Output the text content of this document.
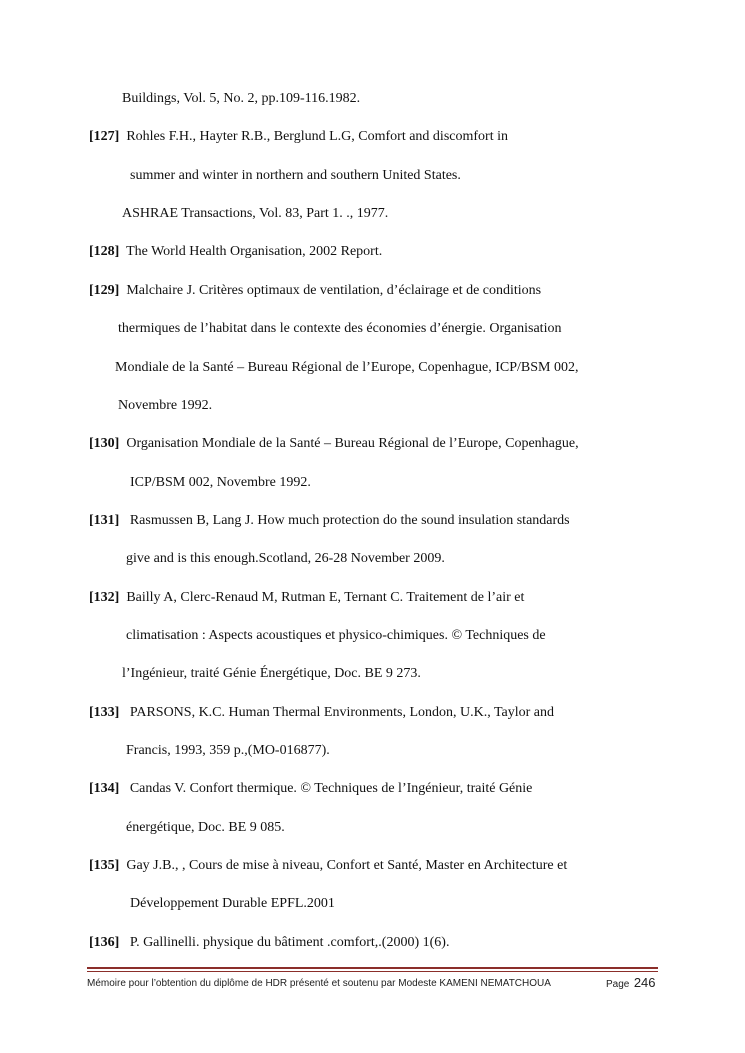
Buildings, Vol. 5, No. 2, pp.109-116.1982.
[127] Rohles F.H., Hayter R.B., Berglund L.G, Comfort and discomfort in
summer and winter in northern and southern United States.
ASHRAE Transactions, Vol. 83, Part 1. ., 1977.
[128] The World Health Organisation, 2002 Report.
[129] Malchaire J. Critères optimaux de ventilation, d’éclairage et de conditions
thermiques de l’habitat dans le contexte des économies d’énergie. Organisation
Mondiale de la Santé – Bureau Régional de l’Europe, Copenhague, ICP/BSM 002,
Novembre 1992.
[130] Organisation Mondiale de la Santé – Bureau Régional de l’Europe, Copenhague,
ICP/BSM 002, Novembre 1992.
[131] Rasmussen B, Lang J. How much protection do the sound insulation standards
give and is this enough.Scotland, 26-28 November 2009.
[132] Bailly A, Clerc-Renaud M, Rutman E, Ternant C. Traitement de l’air et
climatisation : Aspects acoustiques et physico-chimiques. © Techniques de
l’Ingénieur, traité Génie Énergétique, Doc. BE 9 273.
[133] PARSONS, K.C. Human Thermal Environments, London, U.K., Taylor and
Francis, 1993, 359 p.,(MO-016877).
[134] Candas V. Confort thermique. © Techniques de l’Ingénieur, traité Génie
énergétique, Doc. BE 9 085.
[135] Gay J.B., , Cours de mise à niveau, Confort et Santé, Master en Architecture et
Développement Durable EPFL.2001
[136] P. Gallinelli. physique du bâtiment .comfort,.(2000) 1(6).
Mémoire pour l’obtention du diplôme de HDR présenté et soutenu par Modeste KAMENI NEMATCHOUA	Page 246
